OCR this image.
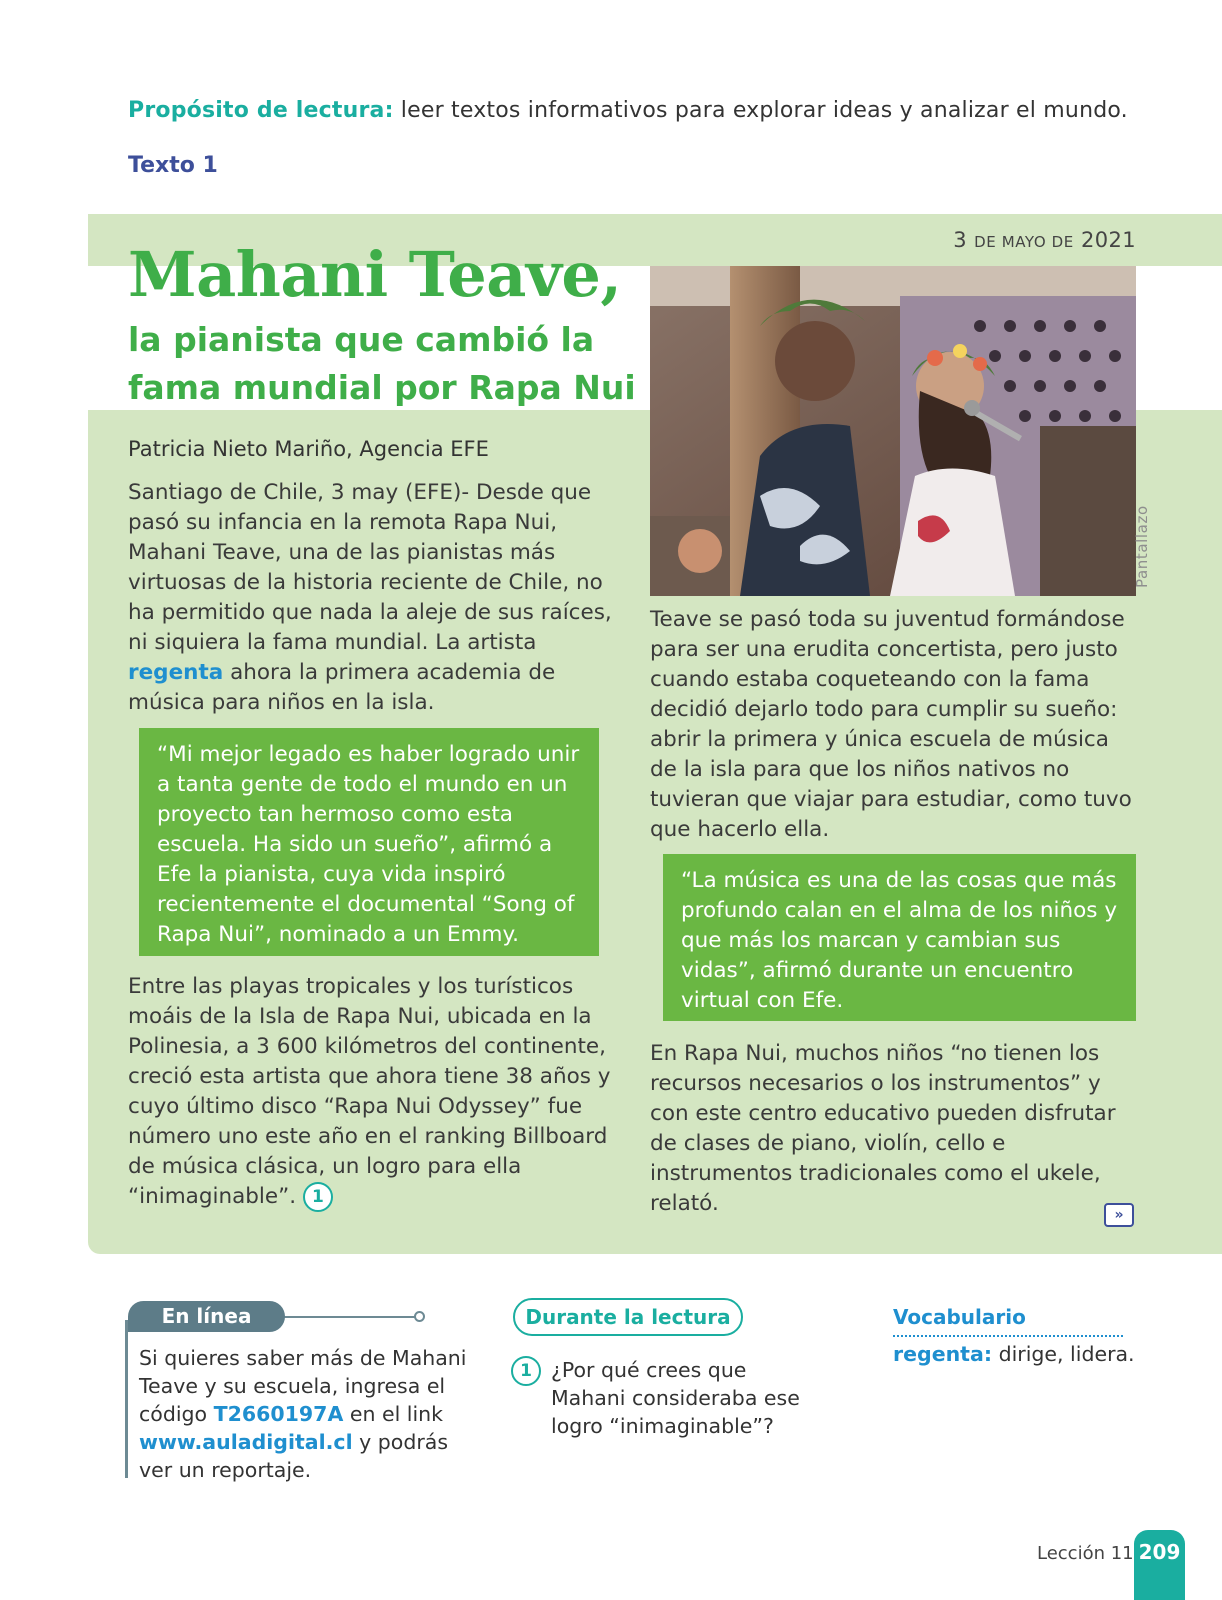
Propósito de lectura: leer textos informativos para explorar ideas y analizar el mundo.
Texto 1
3 DE MAYO DE 2021
Mahani Teave,
la pianista que cambió la fama mundial por Rapa Nui
Pantallazo
Patricia Nieto Mariño, Agencia EFE
Santiago de Chile, 3 may (EFE)- Desde que pasó su infancia en la remota Rapa Nui, Mahani Teave, una de las pianistas más virtuosas de la historia reciente de Chile, no ha permitido que nada la aleje de sus raíces, ni siquiera la fama mundial. La artista regenta ahora la primera academia de música para niños en la isla.
“Mi mejor legado es haber logrado unir a tanta gente de todo el mundo en un proyecto tan hermoso como esta escuela. Ha sido un sueño”, afirmó a Efe la pianista, cuya vida inspiró recientemente el documental “Song of Rapa Nui”, nominado a un Emmy.
Entre las playas tropicales y los turísticos moáis de la Isla de Rapa Nui, ubicada en la Polinesia, a 3 600 kilómetros del continente, creció esta artista que ahora tiene 38 años y cuyo último disco “Rapa Nui Odyssey” fue número uno este año en el ranking Billboard de música clásica, un logro para ella “inimaginable”. 1
Teave se pasó toda su juventud formándose para ser una erudita concertista, pero justo cuando estaba coqueteando con la fama decidió dejarlo todo para cumplir su sueño: abrir la primera y única escuela de música de la isla para que los niños nativos no tuvieran que viajar para estudiar, como tuvo que hacerlo ella.
“La música es una de las cosas que más profundo calan en el alma de los niños y que más los marcan y cambian sus vidas”, afirmó durante un encuentro virtual con Efe.
En Rapa Nui, muchos niños “no tienen los recursos necesarios o los instrumentos” y con este centro educativo pueden disfrutar de clases de piano, violín, cello e instrumentos tradicionales como el ukele, relató.	»
En línea
Si quieres saber más de Mahani Teave y su escuela, ingresa el código T2660197A en el link www.auladigital.cl y podrás ver un reportaje.
Durante la lectura
1 ¿Por qué crees que Mahani consideraba ese logro “inimaginable”?
Vocabulario
regenta: dirige, lidera.
Lección 11 209
